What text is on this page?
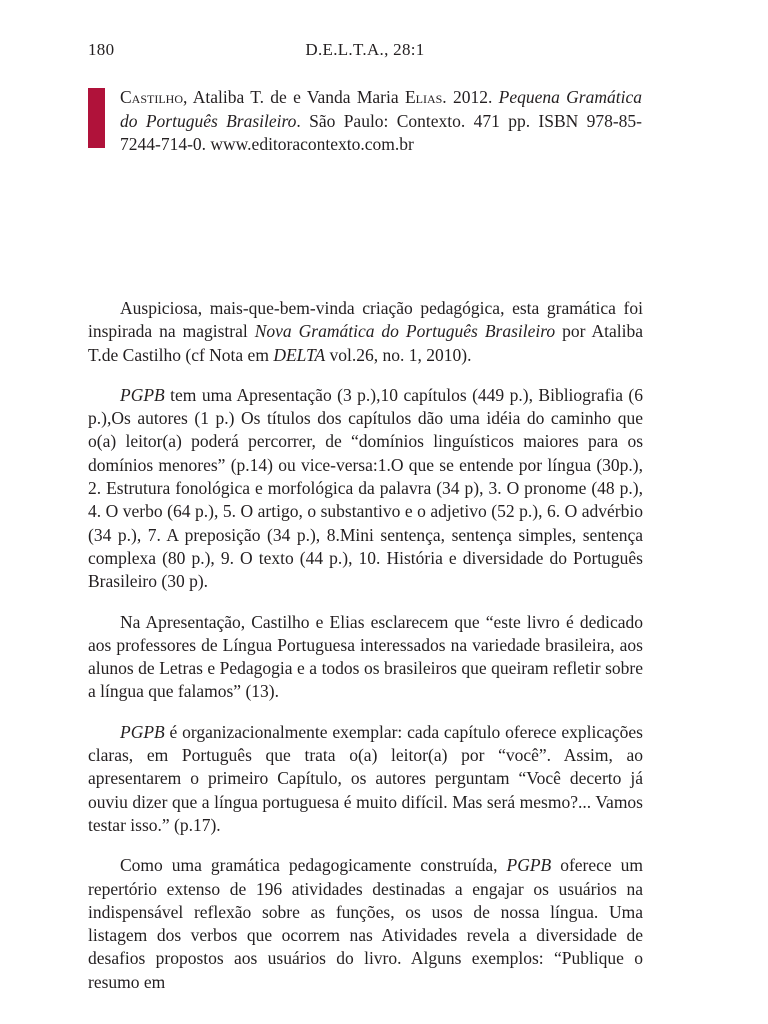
180	D.E.L.T.A., 28:1
Castilho, Ataliba T. de e Vanda Maria Elias. 2012. Pequena Gramática do Português Brasileiro. São Paulo: Contexto. 471 pp. ISBN 978-85-7244-714-0. www.editoracontexto.com.br

Auspiciosa, mais-que-bem-vinda criação pedagógica, esta gramática foi inspirada na magistral Nova Gramática do Português Brasileiro por Ataliba T.de Castilho (cf Nota em DELTA vol.26, no. 1, 2010).

PGPB tem uma Apresentação (3 p.),10 capítulos (449 p.), Bibliografia (6 p.),Os autores (1 p.) Os títulos dos capítulos dão uma idéia do caminho que o(a) leitor(a) poderá percorrer, de “domínios linguísticos maiores para os domínios menores” (p.14) ou vice-versa:1.O que se entende por língua (30p.), 2. Estrutura fonológica e morfológica da palavra (34 p), 3. O pronome (48 p.), 4. O verbo (64 p.), 5. O artigo, o substantivo e o adjetivo (52 p.), 6. O advérbio (34 p.), 7. A preposição (34 p.), 8.Mini sentença, sentença simples, sentença complexa (80 p.), 9. O texto (44 p.), 10. História e diversidade do Português Brasileiro (30 p).

Na Apresentação, Castilho e Elias esclarecem que “este livro é dedicado aos professores de Língua Portuguesa interessados na variedade brasileira, aos alunos de Letras e Pedagogia e a todos os brasileiros que queiram refletir sobre a língua que falamos” (13).

PGPB é organizacionalmente exemplar: cada capítulo oferece explicações claras, em Português que trata o(a) leitor(a) por “você”. Assim, ao apresentarem o primeiro Capítulo, os autores perguntam “Você decerto já ouviu dizer que a língua portuguesa é muito difícil. Mas será mesmo?... Vamos testar isso.” (p.17).

Como uma gramática pedagogicamente construída, PGPB oferece um repertório extenso de 196 atividades destinadas a engajar os usuários na indispensável reflexão sobre as funções, os usos de nossa língua. Uma listagem dos verbos que ocorrem nas Atividades revela a diversidade de desafios propostos aos usuários do livro. Alguns exemplos: “Publique o resumo em
